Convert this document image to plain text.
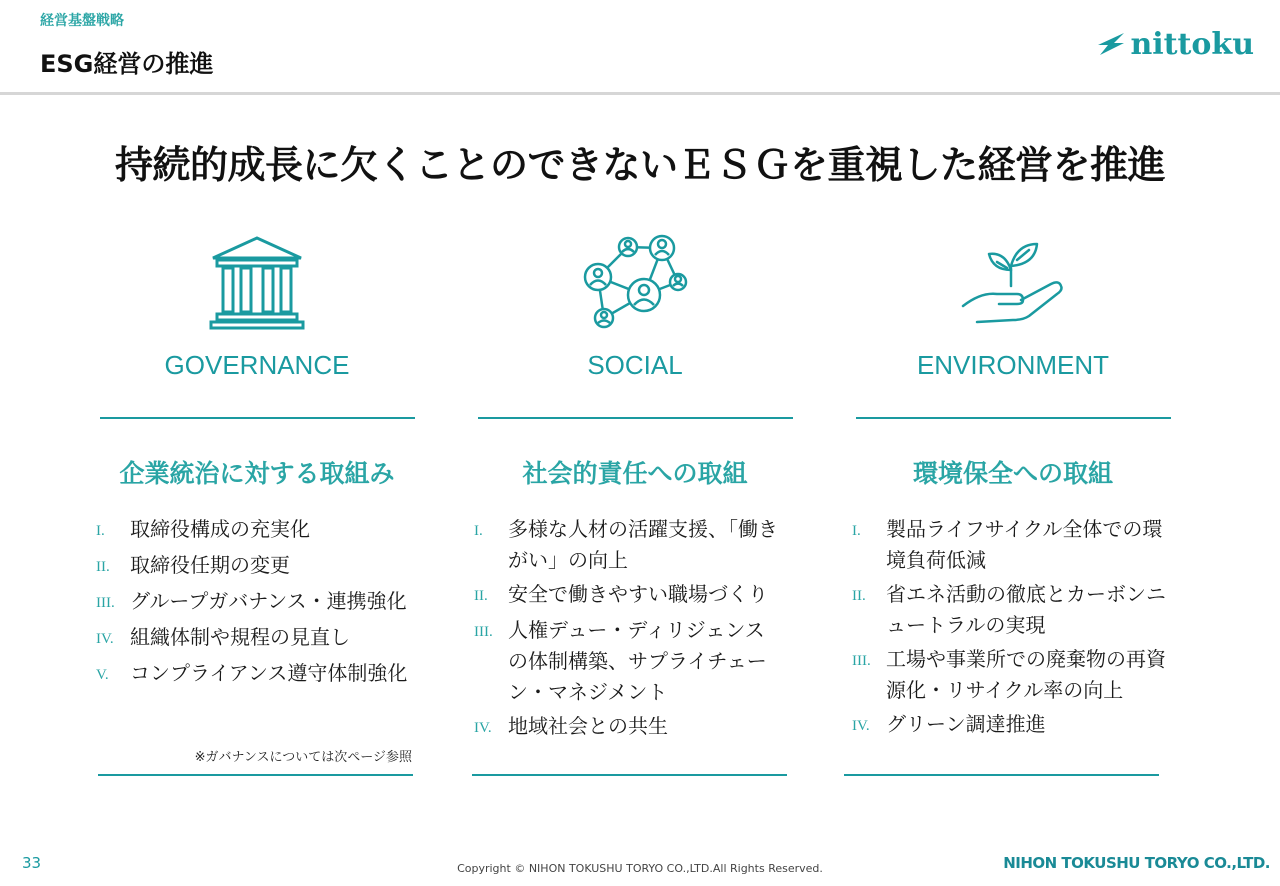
経営基盤戦略
ESG経営の推進
nittoku
持続的成長に欠くことのできないＥＳＧを重視した経営を推進
GOVERNANCE
企業統治に対する取組み
I.	取締役構成の充実化
II.	取締役任期の変更
III. グループガバナンス・連携強化
IV. 組織体制や規程の見直し
V.	コンプライアンス遵守体制強化
※ガバナンスについては次ページ参照
SOCIAL
社会的責任への取組
I.	多様な人材の活躍支援、「働きがい」の向上
II.	安全で働きやすい職場づくり
III. 人権デュー・ディリジェンスの体制構築、サプライチェーン・マネジメント
IV. 地域社会との共生
ENVIRONMENT
環境保全への取組
I.	製品ライフサイクル全体での環境負荷低減
II.	省エネ活動の徹底とカーボンニュートラルの実現
III. 工場や事業所での廃棄物の再資源化・リサイクル率の向上
IV. グリーン調達推進
33	Copyright © NIHON TOKUSHU TORYO CO.,LTD.All Rights Reserved.	NIHON TOKUSHU TORYO CO.,LTD.
